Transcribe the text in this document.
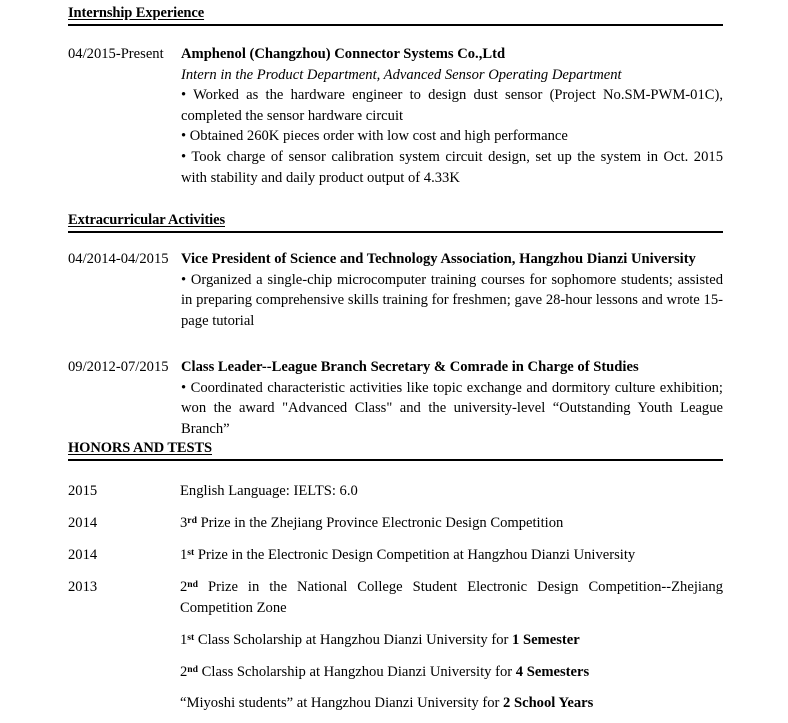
Internship Experience
04/2015-Present	Amphenol (Changzhou) Connector Systems Co.,Ltd
Intern in the Product Department, Advanced Sensor Operating Department
• Worked as the hardware engineer to design dust sensor (Project No.SM-PWM-01C), completed the sensor hardware circuit
• Obtained 260K pieces order with low cost and high performance
• Took charge of sensor calibration system circuit design, set up the system in Oct. 2015 with stability and daily product output of 4.33K
Extracurricular Activities
04/2014-04/2015 Vice President of Science and Technology Association, Hangzhou Dianzi University
• Organized a single-chip microcomputer training courses for sophomore students; assisted in preparing comprehensive skills training for freshmen; gave 28-hour lessons and wrote 15-page tutorial
09/2012-07/2015 Class Leader--League Branch Secretary & Comrade in Charge of Studies
• Coordinated characteristic activities like topic exchange and dormitory culture exhibition; won the award "Advanced Class" and the university-level “Outstanding Youth League Branch”
HONORS AND TESTS
2015	English Language: IELTS: 6.0
2014	3rd Prize in the Zhejiang Province Electronic Design Competition
2014	1st Prize in the Electronic Design Competition at Hangzhou Dianzi University
2013	2nd Prize in the National College Student Electronic Design Competition--Zhejiang Competition Zone
1st Class Scholarship at Hangzhou Dianzi University for 1 Semester
2nd Class Scholarship at Hangzhou Dianzi University for 4 Semesters
“Miyoshi students” at Hangzhou Dianzi University for 2 School Years
